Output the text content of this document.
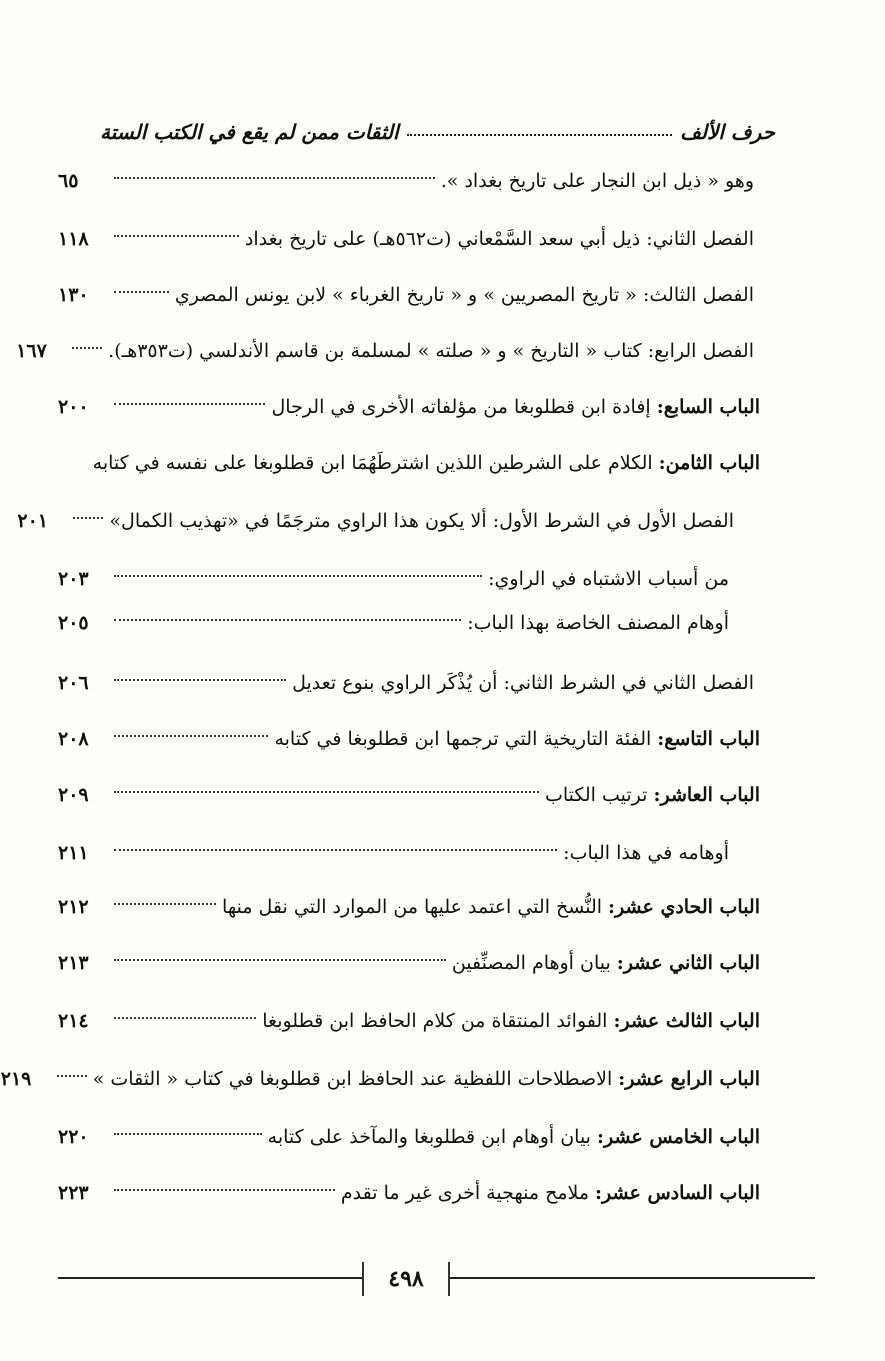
حرف الألف
الثقات ممن لم يقع في الكتب الستة
وهو « ذيل ابن النجار على تاريخ بغداد ».
٦٥
الفصل الثاني: ذيل أبي سعد السَّمْعاني (ت٥٦٢هـ) على تاريخ بغداد
١١٨
الفصل الثالث: « تاريخ المصريين » و « تاريخ الغرباء » لابن يونس المصري
١٣٠
الفصل الرابع: كتاب « التاريخ » و « صلته » لمسلمة بن قاسم الأندلسي (ت٣٥٣هـ).
١٦٧
الباب السابع:
إفادة ابن قطلوبغا من مؤلفاته الأخرى في الرجال
٢٠٠
الباب الثامن:
الكلام على الشرطين اللذين اشترطَهُمَا ابن قطلوبغا على نفسه في كتابه
الفصل الأول في الشرط الأول: ألا يكون هذا الراوي مترجَمًا في «تهذيب الكمال»
٢٠١
من أسباب الاشتباه في الراوي:
٢٠٣
أوهام المصنف الخاصة بهذا الباب:
٢٠٥
الفصل الثاني في الشرط الثاني: أن يُذْكَر الراوي بنوع تعديل
٢٠٦
الباب التاسع:
الفئة التاريخية التي ترجمها ابن قطلوبغا في كتابه
٢٠٨
الباب العاشر:
ترتيب الكتاب
٢٠٩
أوهامه في هذا الباب:
٢١١
الباب الحادي عشر:
النُّسخ التي اعتمد عليها من الموارد التي نقل منها
٢١٢
الباب الثاني عشر:
بيان أوهام المصنِّفين
٢١٣
الباب الثالث عشر:
الفوائد المنتقاة من كلام الحافظ ابن قطلوبغا
٢١٤
الباب الرابع عشر:
الاصطلاحات اللفظية عند الحافظ ابن قطلوبغا في كتاب « الثقات »
٢١٩
الباب الخامس عشر:
بيان أوهام ابن قطلوبغا والمآخذ على كتابه
٢٢٠
الباب السادس عشر:
ملامح منهجية أخرى غير ما تقدم
٢٢٣
٤٩٨
